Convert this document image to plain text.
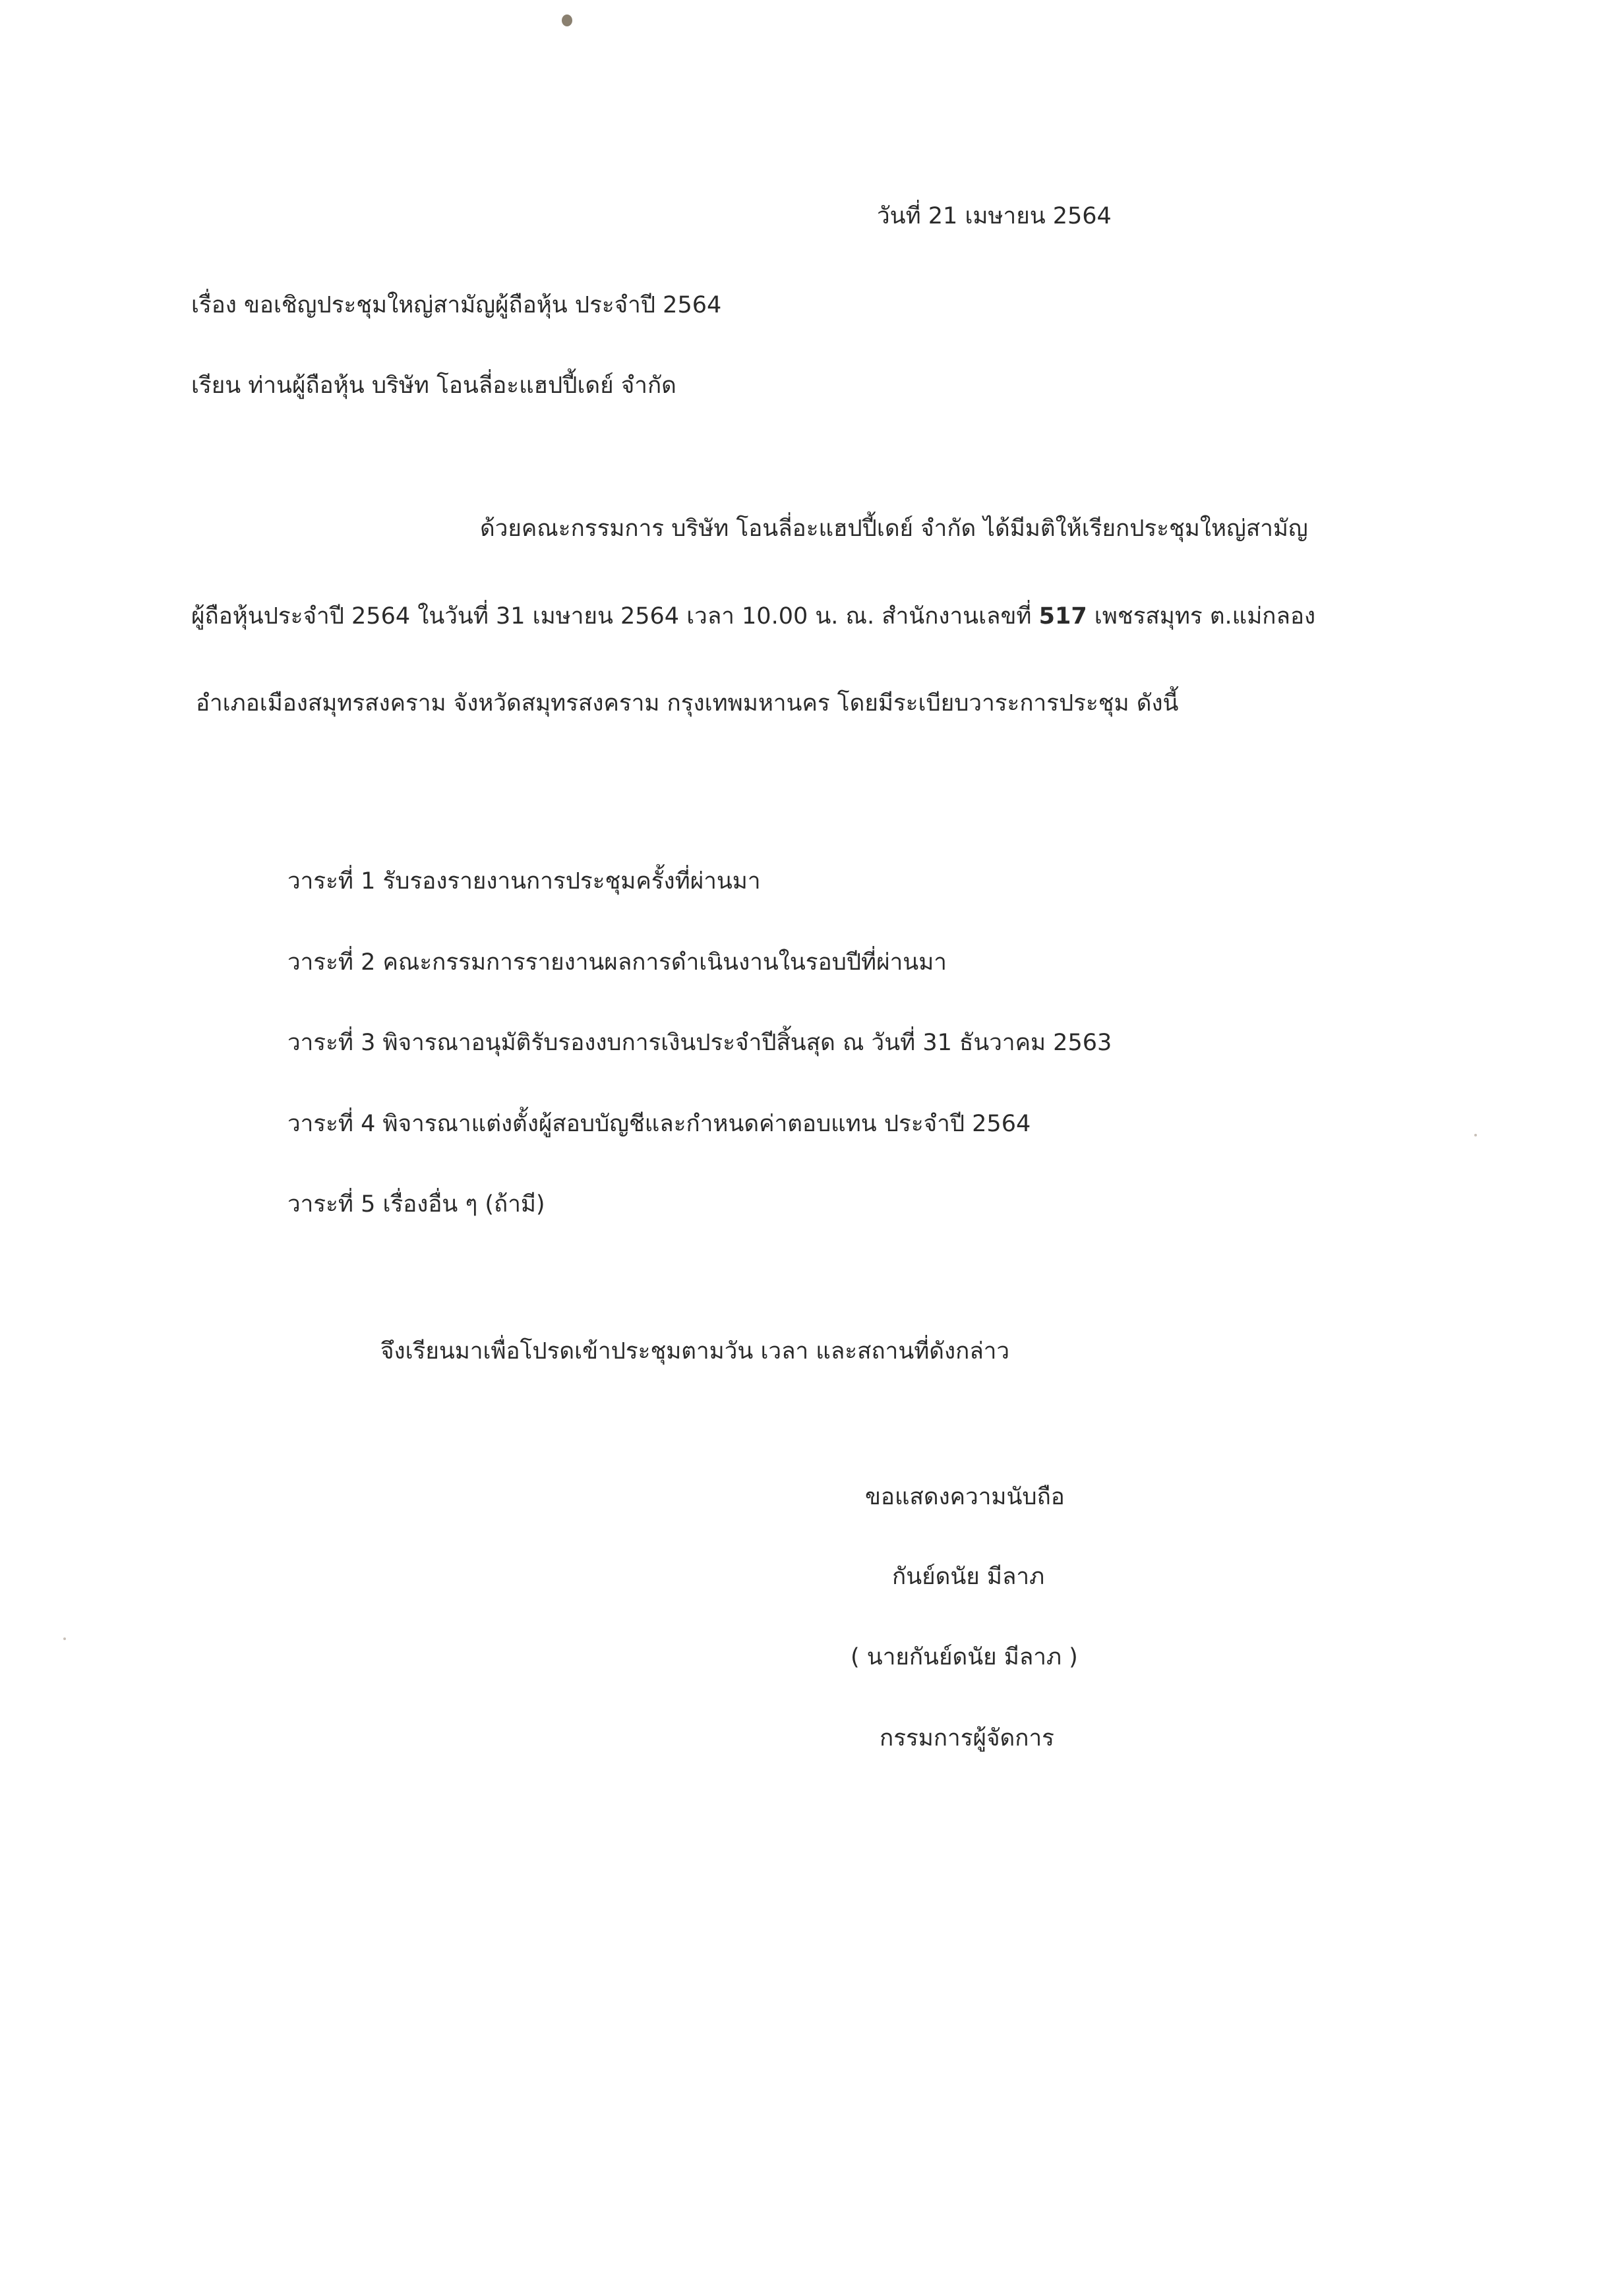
วันที่ 21 เมษายน 2564
เรื่อง ขอเชิญประชุมใหญ่สามัญผู้ถือหุ้น ประจำปี 2564
เรียน ท่านผู้ถือหุ้น บริษัท โอนลี่อะแฮปปี้เดย์ จำกัด
ด้วยคณะกรรมการ บริษัท โอนลี่อะแฮปปี้เดย์ จำกัด ได้มีมติให้เรียกประชุมใหญ่สามัญ
ผู้ถือหุ้นประจำปี 2564 ในวันที่ 31 เมษายน 2564 เวลา 10.00 น. ณ. สำนักงานเลขที่ 517 เพชรสมุทร ต.แม่กลอง
อำเภอเมืองสมุทรสงคราม จังหวัดสมุทรสงคราม กรุงเทพมหานคร โดยมีระเบียบวาระการประชุม ดังนี้
วาระที่ 1 รับรองรายงานการประชุมครั้งที่ผ่านมา
วาระที่ 2 คณะกรรมการรายงานผลการดำเนินงานในรอบปีที่ผ่านมา
วาระที่ 3 พิจารณาอนุมัติรับรองงบการเงินประจำปีสิ้นสุด ณ วันที่ 31 ธันวาคม 2563
วาระที่ 4 พิจารณาแต่งตั้งผู้สอบบัญชีและกำหนดค่าตอบแทน ประจำปี 2564
วาระที่ 5 เรื่องอื่น ๆ (ถ้ามี)
จึงเรียนมาเพื่อโปรดเข้าประชุมตามวัน เวลา และสถานที่ดังกล่าว
ขอแสดงความนับถือ
กันย์ดนัย มีลาภ
( นายกันย์ดนัย มีลาภ )
กรรมการผู้จัดการ
